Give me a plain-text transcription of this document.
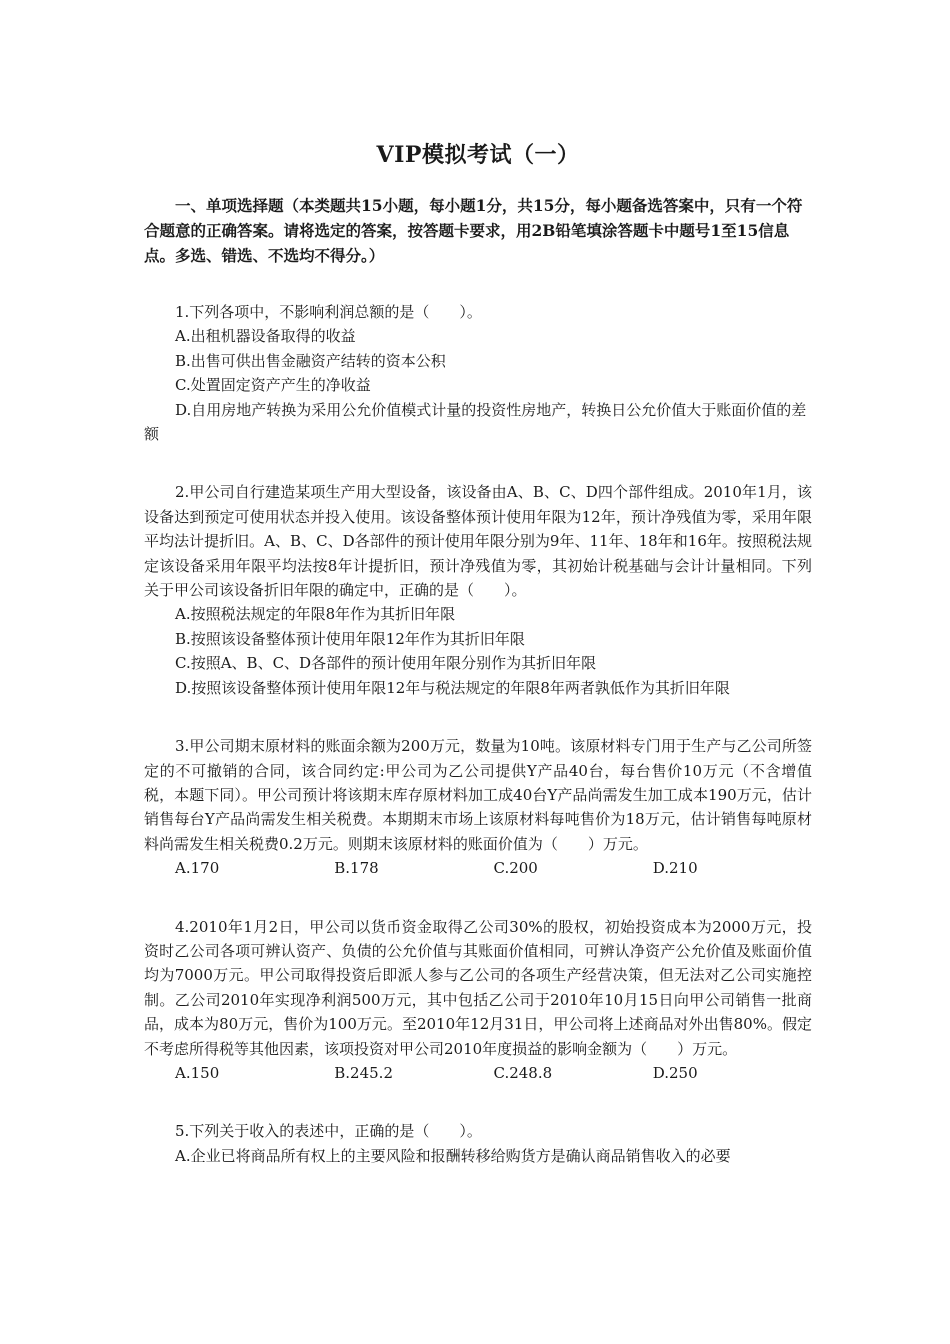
VIP模拟考试（一）

一、单项选择题（本类题共15小题，每小题1分，共15分，每小题备选答案中，只有一个符合题意的正确答案。请将选定的答案，按答题卡要求，用2B铅笔填涂答题卡中题号1至15信息点。多选、错选、不选均不得分。）

1.下列各项中，不影响利润总额的是（　　）。

A.出租机器设备取得的收益

B.出售可供出售金融资产结转的资本公积

C.处置固定资产产生的净收益

D.自用房地产转换为采用公允价值模式计量的投资性房地产，转换日公允价值大于账面价值的差额

2.甲公司自行建造某项生产用大型设备，该设备由A、B、C、D四个部件组成。2010年1月，该设备达到预定可使用状态并投入使用。该设备整体预计使用年限为12年，预计净残值为零，采用年限平均法计提折旧。A、B、C、D各部件的预计使用年限分别为9年、11年、18年和16年。按照税法规定该设备采用年限平均法按8年计提折旧，预计净残值为零，其初始计税基础与会计计量相同。下列关于甲公司该设备折旧年限的确定中，正确的是（　　）。

A.按照税法规定的年限8年作为其折旧年限

B.按照该设备整体预计使用年限12年作为其折旧年限

C.按照A、B、C、D各部件的预计使用年限分别作为其折旧年限

D.按照该设备整体预计使用年限12年与税法规定的年限8年两者孰低作为其折旧年限

3.甲公司期末原材料的账面余额为200万元，数量为10吨。该原材料专门用于生产与乙公司所签定的不可撤销的合同，该合同约定:甲公司为乙公司提供Y产品40台，每台售价10万元（不含增值税，本题下同）。甲公司预计将该期末库存原材料加工成40台Y产品尚需发生加工成本190万元，估计销售每台Y产品尚需发生相关税费。本期期末市场上该原材料每吨售价为18万元，估计销售每吨原材料尚需发生相关税费0.2万元。则期末该原材料的账面价值为（　　）万元。

A.170	B.178	C.200	D.210

4.2010年1月2日，甲公司以货币资金取得乙公司30%的股权，初始投资成本为2000万元，投资时乙公司各项可辨认资产、负债的公允价值与其账面价值相同，可辨认净资产公允价值及账面价值均为7000万元。甲公司取得投资后即派人参与乙公司的各项生产经营决策，但无法对乙公司实施控制。乙公司2010年实现净利润500万元，其中包括乙公司于2010年10月15日向甲公司销售一批商品，成本为80万元，售价为100万元。至2010年12月31日，甲公司将上述商品对外出售80%。假定不考虑所得税等其他因素，该项投资对甲公司2010年度损益的影响金额为（　　）万元。

A.150	B.245.2	C.248.8	D.250

5.下列关于收入的表述中，正确的是（　　）。

A.企业已将商品所有权上的主要风险和报酬转移给购货方是确认商品销售收入的必要
